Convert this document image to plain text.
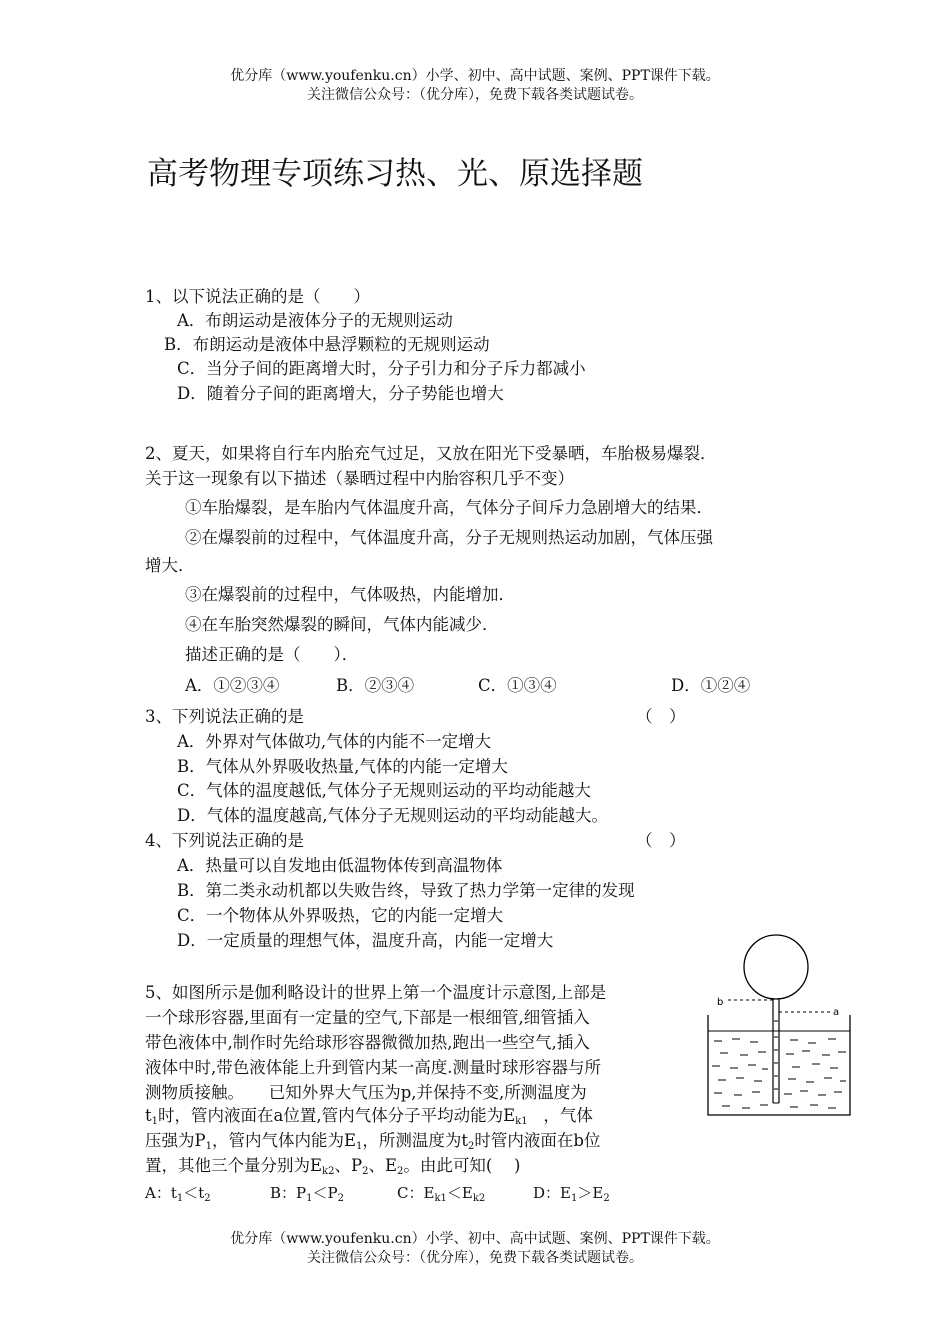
优分库（www.youfenku.cn）小学、初中、高中试题、案例、PPT课件下载。
关注微信公众号：（优分库），免费下载各类试题试卷。
高考物理专项练习热、光、原选择题
1、以下说法正确的是（　　）
A．布朗运动是液体分子的无规则运动
B．布朗运动是液体中悬浮颗粒的无规则运动
C．当分子间的距离增大时，分子引力和分子斥力都减小
D．随着分子间的距离增大，分子势能也增大
2、夏天，如果将自行车内胎充气过足，又放在阳光下受暴晒，车胎极易爆裂．
关于这一现象有以下描述（暴晒过程中内胎容积几乎不变）
①车胎爆裂，是车胎内气体温度升高，气体分子间斥力急剧增大的结果．
②在爆裂前的过程中，气体温度升高，分子无规则热运动加剧，气体压强
增大．
③在爆裂前的过程中，气体吸热，内能增加．
④在车胎突然爆裂的瞬间，气体内能减少．
描述正确的是（　　）．
A．①②③④	B．②③④	C．①③④	D．①②④
3、下列说法正确的是	（　）
A．外界对气体做功,气体的内能不一定增大
B．气体从外界吸收热量,气体的内能一定增大
C．气体的温度越低,气体分子无规则运动的平均动能越大
D．气体的温度越高,气体分子无规则运动的平均动能越大。
4、下列说法正确的是	（　）
A．热量可以自发地由低温物体传到高温物体
B．第二类永动机都以失败告终，导致了热力学第一定律的发现
C．一个物体从外界吸热，它的内能一定增大
D．一定质量的理想气体，温度升高，内能一定增大
5、如图所示是伽利略设计的世界上第一个温度计示意图,上部是
一个球形容器,里面有一定量的空气,下部是一根细管,细管插入
带色液体中,制作时先给球形容器微微加热,跑出一些空气,插入
液体中时,带色液体能上升到管内某一高度.测量时球形容器与所
测物质接触。　　已知外界大气压为p,并保持不变,所测温度为
$t_1$时，管内液面在a位置,管内气体分子平均动能为$E_{k1}$ ，气体
压强为$P_1$，管内气体内能为$E_1$，所测温度为$t_2$时管内液面在b位
置，其他三个量分别为$E_{k2}$、$P_2$、$E_2$。由此可知(　 )
A：$t_1<t_2$	B：$P_1<P_2$	C：$E_{k1}<E_{k2}$	D：$E_1>E_2$
b
a
优分库（www.youfenku.cn）小学、初中、高中试题、案例、PPT课件下载。
关注微信公众号：（优分库），免费下载各类试题试卷。
